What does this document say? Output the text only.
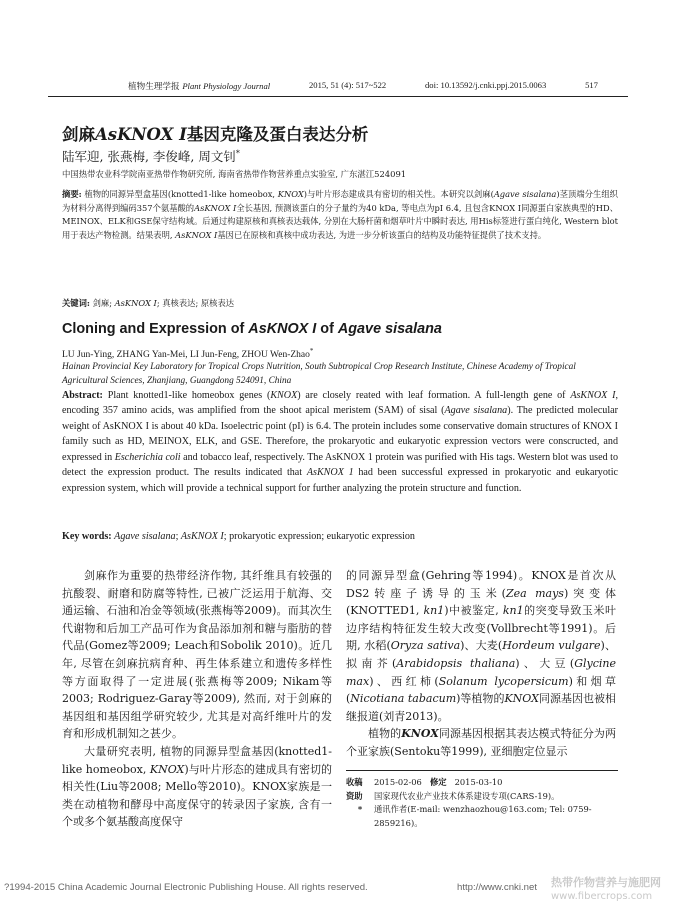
植物生理学报 Plant Physiology Journal	2015, 51 (4): 517~522	doi: 10.13592/j.cnki.ppj.2015.0063	517
剑麻AsKNOX I基因克隆及蛋白表达分析
陆军迎, 张燕梅, 李俊峰, 周文钊*
中国热带农业科学院南亚热带作物研究所, 海南省热带作物营养重点实验室, 广东湛江524091
摘要: 植物的同源异型盒基因(knotted1-like homeobox, KNOX)与叶片形态建成具有密切的相关性。本研究以剑麻(Agave sisalana)茎顶端分生组织为材料分离得到编码357个氨基酸的AsKNOX I全长基因, 预测该蛋白的分子量约为40 kDa, 等电点为pI 6.4, 且包含KNOX I同源蛋白家族典型的HD、MEINOX、ELK和GSE保守结构域。后通过构建原核和真核表达载体, 分别在大肠杆菌和烟草叶片中瞬时表达, 用His标签进行蛋白纯化, Western blot用于表达产物检测。结果表明, AsKNOX I基因已在原核和真核中成功表达, 为进一步分析该蛋白的结构及功能特征提供了技术支持。
关键词: 剑麻; AsKNOX I; 真核表达; 原核表达
Cloning and Expression of AsKNOX I of Agave sisalana
LU Jun-Ying, ZHANG Yan-Mei, LI Jun-Feng, ZHOU Wen-Zhao*
Hainan Provincial Key Laboratory for Tropical Crops Nutrition, South Subtropical Crop Research Institute, Chinese Academy of Tropical Agricultural Sciences, Zhanjiang, Guangdong 524091, China
Abstract: Plant knotted1-like homeobox genes (KNOX) are closely reated with leaf formation. A full-length gene of AsKNOX I, encoding 357 amino acids, was amplified from the shoot apical meristem (SAM) of sisal (Agave sisalana). The predicted molecular weight of AsKNOX I is about 40 kDa. Isoelectric point (pI) is 6.4. The protein includes some conservative domain structures of KNOX I family such as HD, MEINOX, ELK, and GSE. Therefore, the prokaryotic and eukaryotic expression vectors were conscructed, and expressed in Escherichia coli and tobacco leaf, respectively. The AsKNOX 1 protein was purified with His tags. Western blot was used to detect the expression product. The results indicated that AsKNOX 1 had been successful expressed in prokaryotic and eukaryotic expression system, which will provide a technical support for further analyzing the protein structure and function.
Key words: Agave sisalana; AsKNOX I; prokaryotic expression; eukaryotic expression

剑麻作为重要的热带经济作物, 其纤维具有较强的抗酸裂、耐磨和防腐等特性, 已被广泛运用于航海、交通运输、石油和冶金等领域(张燕梅等2009)。而其次生代谢物和后加工产品可作为食品添加剂和糖与脂肪的替代品(Gomez等2009; Leach和Sobolik 2010)。近几年, 尽管在剑麻抗病育种、再生体系建立和遗传多样性等方面取得了一定进展(张燕梅等2009; Nikam等2003; Rodriguez-Garay等2009), 然而, 对于剑麻的基因组和基因组学研究较少, 尤其是对高纤维叶片的发育和形成机制知之甚少。

大量研究表明, 植物的同源异型盒基因(knotted1-like homeobox, KNOX)与叶片形态的建成具有密切的相关性(Liu等2008; Mello等2010)。KNOX家族是一类在动植物和酵母中高度保守的转录因子家族, 含有一个或多个氨基酸高度保守

的同源异型盒(Gehring等1994)。KNOX是首次从DS2转座子诱导的玉米(Zea mays)突变体(KNOTTED1, kn1)中被鉴定, kn1的突变导致玉米叶边序结构特征发生较大改变(Vollbrecht等1991)。后期, 水稻(Oryza sativa)、大麦(Hordeum vulgare)、拟南芥(Arabidopsis thaliana)、大豆(Glycine max)、西红柿(Solanum lycopersicum)和烟草(Nicotiana tabacum)等植物的KNOX同源基因也被相继报道(刘青2013)。

植物的KNOX同源基因根据其表达模式特征分为两个亚家族(Sentoku等1999), 亚细胞定位显示

收稿	2015-02-06 修定 2015-03-10
资助	国家现代农业产业技术体系建设专项(CARS-19)。
*	通讯作者(E-mail: wenzhaozhou@163.com; Tel: 0759-2859216)。
?1994-2015 China Academic Journal Electronic Publishing House. All rights reserved.	http://www.cnki.net 热带作物营养与施肥网
www.fibercrops.com
